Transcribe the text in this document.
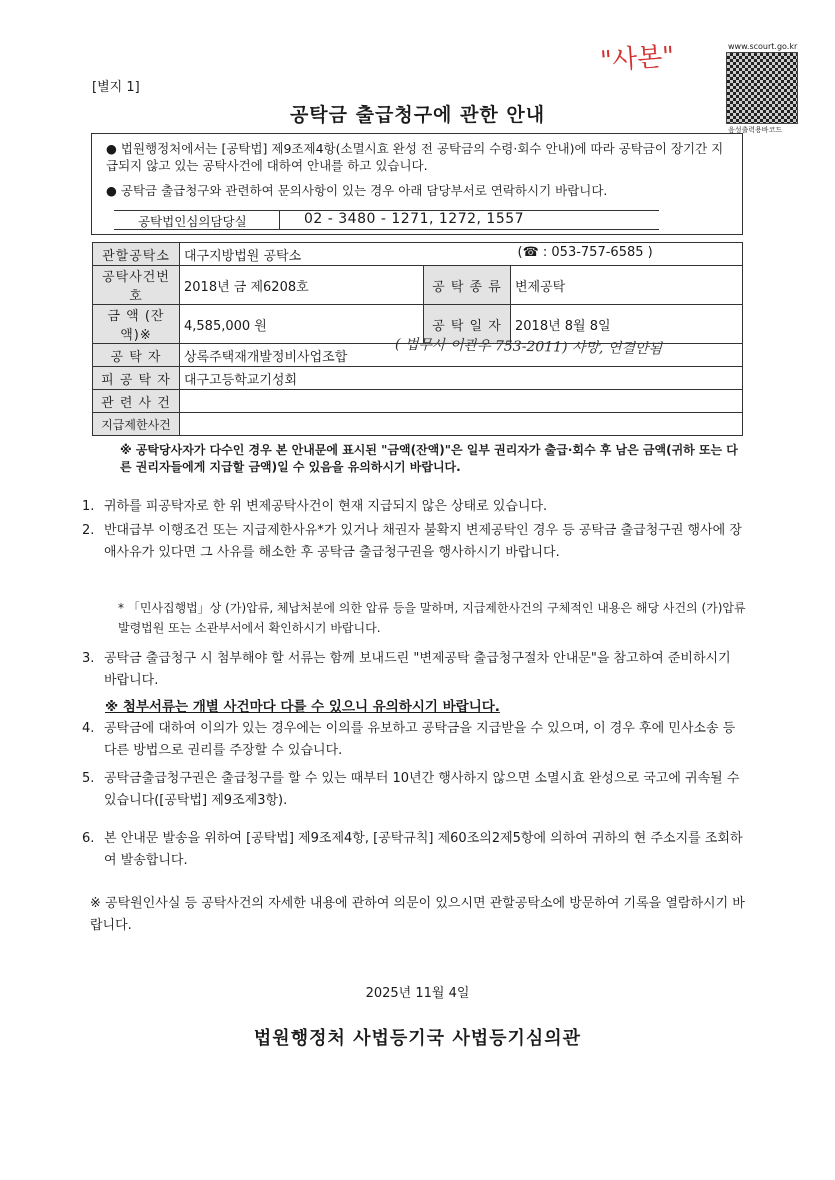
www.scourt.go.kr
음성출력용바코드
"사본"
[별지 1]
공탁금 출급청구에 관한 안내
● 법원행정처에서는 [공탁법] 제9조제4항(소멸시효 완성 전 공탁금의 수령·회수 안내)에 따라 공탁금이 장기간 지급되지 않고 있는 공탁사건에 대하여 안내를 하고 있습니다.
● 공탁금 출급청구와 관련하여 문의사항이 있는 경우 아래 담당부서로 연락하시기 바랍니다.
공탁법인심의담당실	02 - 3480 - 1271, 1272, 1557
관할공탁소	대구지방법원 공탁소 (☎ : 053-757-6585 )		

공탁사건번호	2018년 금 제6208호	공 탁 종 류	변제공탁
금 액 (잔액)※	4,585,000 원	공 탁 일 자	2018년 8월 8일
공 탁 자	상록주택재개발정비사업조합		
피 공 탁 자	대구고등학교기성회		
관 련 사 건			
지급제한사건			
( 법무사 이관우 753-2011) 사망, 연결안됨
※ 공탁당사자가 다수인 경우 본 안내문에 표시된 "금액(잔액)"은 일부 권리자가 출급·회수 후 남은 금액(귀하 또는 다른 권리자들에게 지급할 금액)일 수 있음을 유의하시기 바랍니다.
1. 귀하를 피공탁자로 한 위 변제공탁사건이 현재 지급되지 않은 상태로 있습니다.
2. 반대급부 이행조건 또는 지급제한사유*가 있거나 채권자 불확지 변제공탁인 경우 등 공탁금 출급청구권 행사에 장애사유가 있다면 그 사유를 해소한 후 공탁금 출급청구권을 행사하시기 바랍니다.
* 「민사집행법」상 (가)압류, 체납처분에 의한 압류 등을 말하며, 지급제한사건의 구체적인 내용은 해당 사건의 (가)압류 발령법원 또는 소관부서에서 확인하시기 바랍니다.
3. 공탁금 출급청구 시 첨부해야 할 서류는 함께 보내드린 "변제공탁 출급청구절차 안내문"을 참고하여 준비하시기 바랍니다.
※ 첨부서류는 개별 사건마다 다를 수 있으니 유의하시기 바랍니다.
4. 공탁금에 대하여 이의가 있는 경우에는 이의를 유보하고 공탁금을 지급받을 수 있으며, 이 경우 후에 민사소송 등 다른 방법으로 권리를 주장할 수 있습니다.
5. 공탁금출급청구권은 출급청구를 할 수 있는 때부터 10년간 행사하지 않으면 소멸시효 완성으로 국고에 귀속될 수 있습니다([공탁법] 제9조제3항).
6. 본 안내문 발송을 위하여 [공탁법] 제9조제4항, [공탁규칙] 제60조의2제5항에 의하여 귀하의 현 주소지를 조회하여 발송합니다.
※ 공탁원인사실 등 공탁사건의 자세한 내용에 관하여 의문이 있으시면 관할공탁소에 방문하여 기록을 열람하시기 바랍니다.
2025년 11월 4일
법원행정처 사법등기국 사법등기심의관
